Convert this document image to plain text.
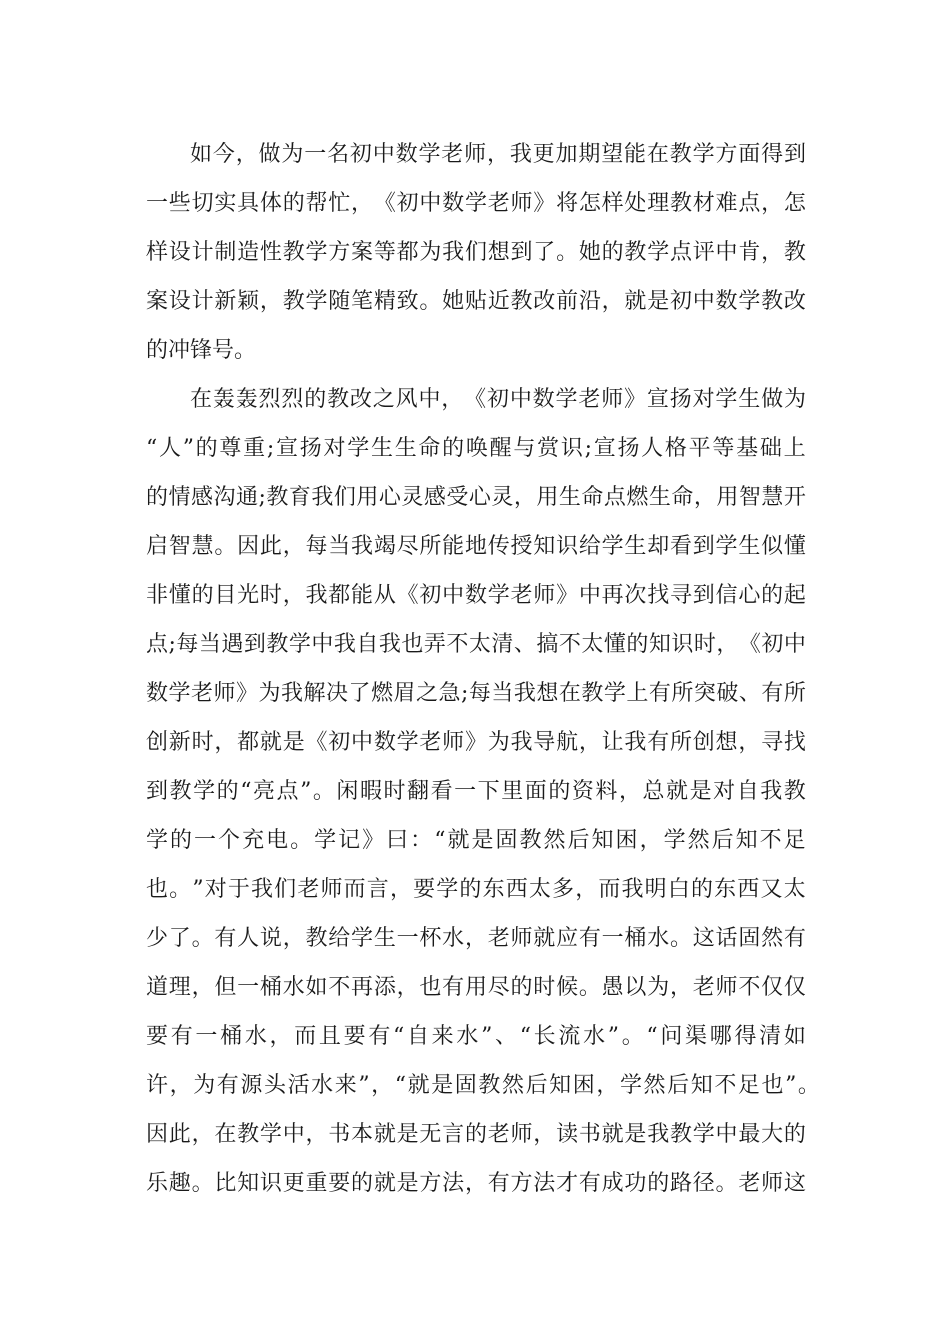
如 今 ， 做 为 一 名 初 中 数 学 老 师 ， 我 更 加 期 望 能 在 教 学 方 面 得 到
一 些 切 实 具 体 的 帮 忙 ， 《 初 中 数 学 老 师 》 将 怎 样 处 理 教 材 难 点 ， 怎
样 设 计 制 造 性 教 学 方 案 等 都 为 我 们 想 到 了 。 她 的 教 学 点 评 中 肯 ， 教
案 设 计 新 颖 ， 教 学 随 笔 精 致 。 她 贴 近 教 改 前 沿 ， 就 是 初 中 数 学 教 改
的冲锋号。
在 轰 轰 烈 烈 的 教 改 之 风 中 ， 《 初 中 数 学 老 师 》 宣 扬 对 学 生 做 为
“ 人 ” 的 尊 重 ; 宣 扬 对 学 生 生 命 的 唤 醒 与 赏 识 ; 宣 扬 人 格 平 等 基 础 上
的 情 感 沟 通 ; 教 育 我 们 用 心 灵 感 受 心 灵 ， 用 生 命 点 燃 生 命 ， 用 智 慧 开
启 智 慧 。 因 此 ， 每 当 我 竭 尽 所 能 地 传 授 知 识 给 学 生 却 看 到 学 生 似 懂
非 懂 的 目 光 时 ， 我 都 能 从 《 初 中 数 学 老 师 》 中 再 次 找 寻 到 信 心 的 起
点 ; 每 当 遇 到 教 学 中 我 自 我 也 弄 不 太 清 、 搞 不 太 懂 的 知 识 时 ， 《 初 中
数 学 老 师 》 为 我 解 决 了 燃 眉 之 急 ; 每 当 我 想 在 教 学 上 有 所 突 破 、 有 所
创 新 时 ， 都 就 是 《 初 中 数 学 老 师 》 为 我 导 航 ， 让 我 有 所 创 想 ， 寻 找
到 教 学 的 “ 亮 点 ” 。 闲 暇 时 翻 看 一 下 里 面 的 资 料 ， 总 就 是 对 自 我 教
学 的 一 个 充 电 。 学 记 》 曰 ： “ 就 是 固 教 然 后 知 困 ， 学 然 后 知 不 足
也 。 ” 对 于 我 们 老 师 而 言 ， 要 学 的 东 西 太 多 ， 而 我 明 白 的 东 西 又 太
少 了 。 有 人 说 ， 教 给 学 生 一 杯 水 ， 老 师 就 应 有 一 桶 水 。 这 话 固 然 有
道 理 ， 但 一 桶 水 如 不 再 添 ， 也 有 用 尽 的 时 候 。 愚 以 为 ， 老 师 不 仅 仅
要 有 一 桶 水 ， 而 且 要 有 “ 自 来 水 ” 、 “ 长 流 水 ” 。 “ 问 渠 哪 得 清 如
许 ， 为 有 源 头 活 水 来 ” ， “ 就 是 固 教 然 后 知 困 ， 学 然 后 知 不 足 也 ” 。
因 此 ， 在 教 学 中 ， 书 本 就 是 无 言 的 老 师 ， 读 书 就 是 我 教 学 中 最 大 的
乐 趣 。 比 知 识 更 重 要 的 就 是 方 法 ， 有 方 法 才 有 成 功 的 路 径 。 老 师 这
